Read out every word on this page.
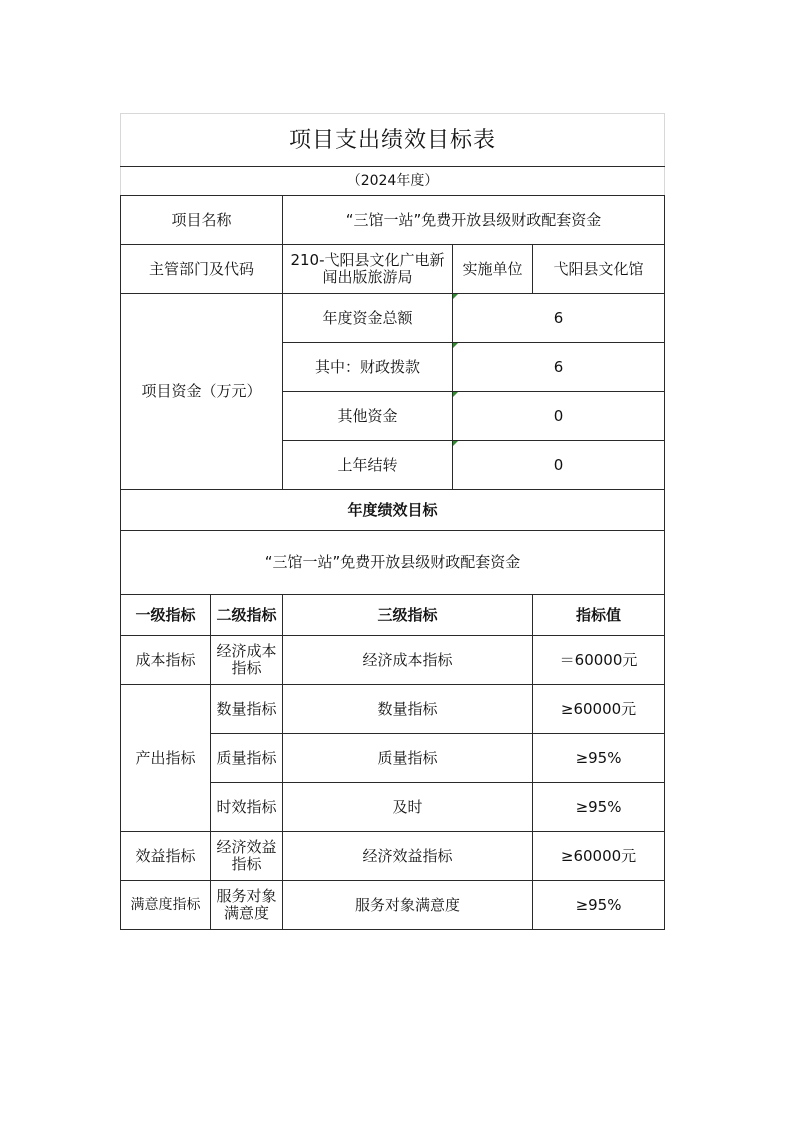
项目支出绩效目标表				
（2024年度）				
项目名称		“三馆一站”免费开放县级财政配套资金		
主管部门及代码		210-弋阳县文化广电新闻出版旅游局	实施单位	弋阳县文化馆
项目资金（万元）		年度资金总额	6	
		其中：财政拨款	6	
		其他资金	0	
		上年结转	0	
年度绩效目标				
“三馆一站”免费开放县级财政配套资金				
一级指标	二级指标	三级指标		指标值
成本指标	经济成本指标	经济成本指标		＝60000元
产出指标	数量指标	数量指标		≥60000元
	质量指标	质量指标		≥95%
	时效指标	及时		≥95%
效益指标	经济效益指标	经济效益指标		≥60000元
满意度指标	服务对象满意度	服务对象满意度		≥95%
